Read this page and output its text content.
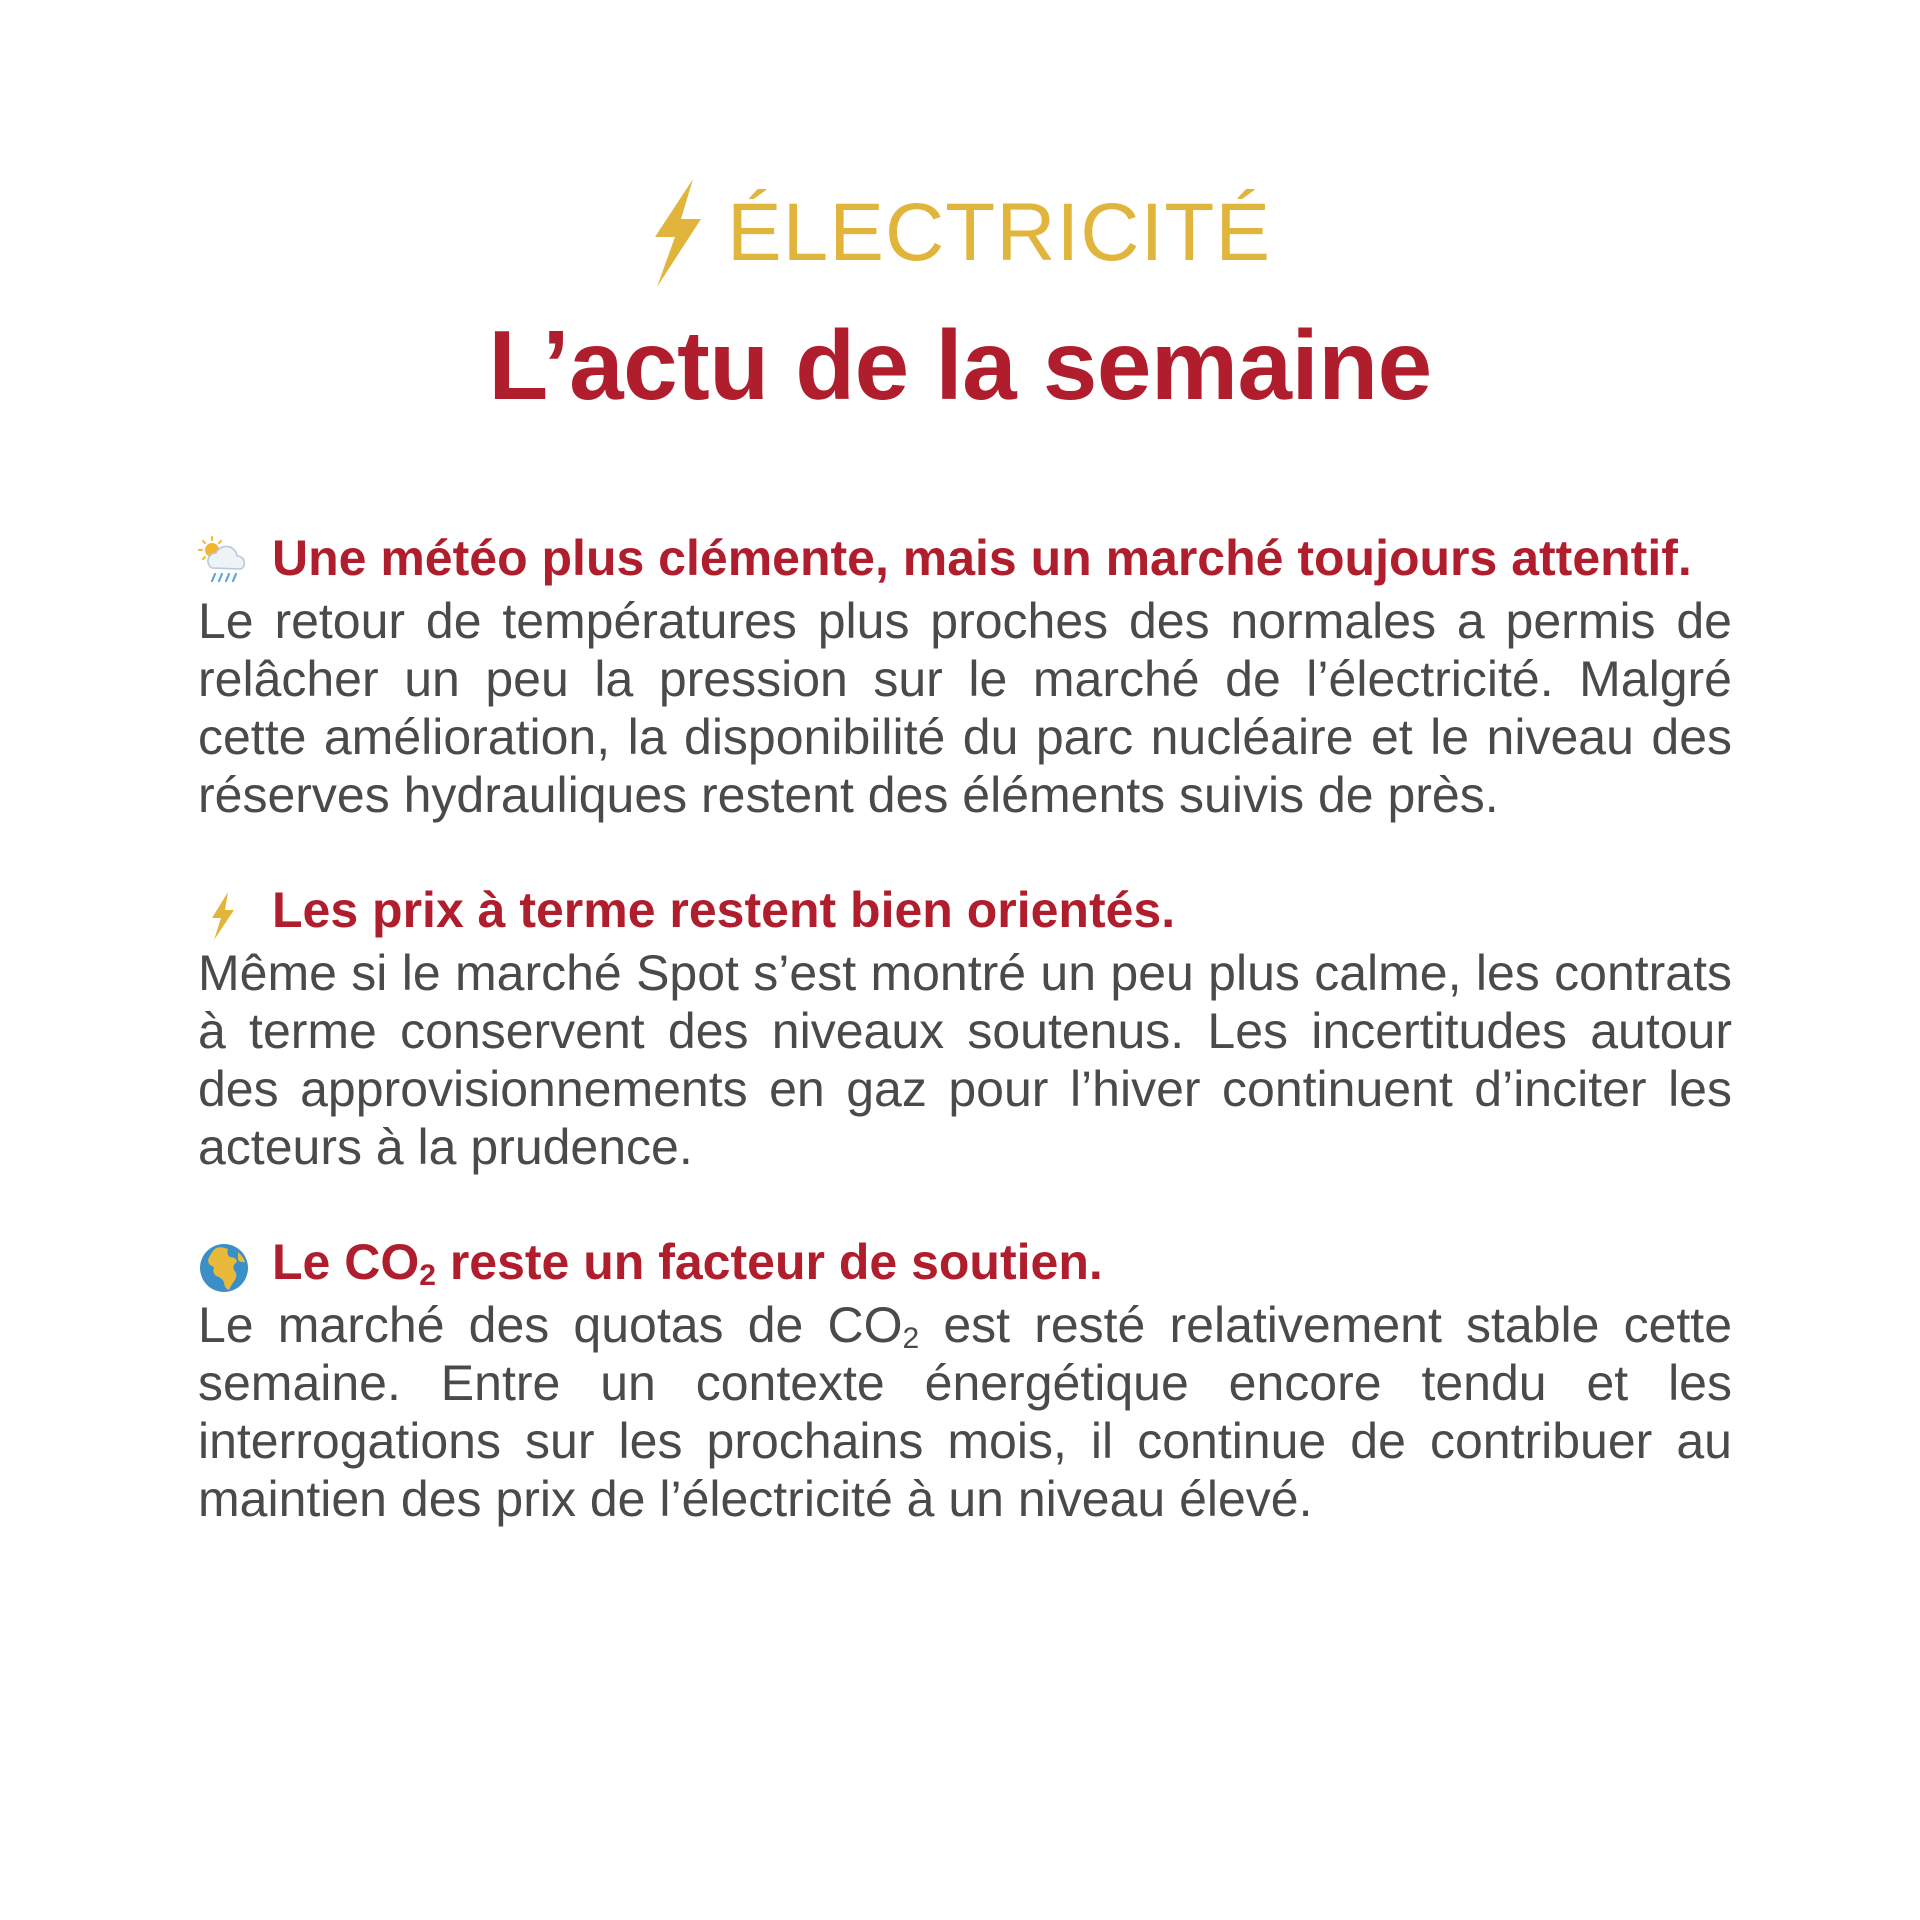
ÉLECTRICITÉ
L’actu de la semaine
Une météo plus clémente, mais un marché toujours attentif.

Le retour de températures plus proches des normales a permis de relâcher un peu la pression sur le marché de l’électricité. Malgré cette amélioration, la disponibilité du parc nucléaire et le niveau des réserves hydrauliques restent des éléments suivis de près.

Les prix à terme restent bien orientés.

Même si le marché Spot s’est montré un peu plus calme, les contrats à terme conservent des niveaux soutenus. Les incertitudes autour des approvisionnements en gaz pour l’hiver continuent d’inciter les acteurs à la prudence.

Le $CO_2$ reste un facteur de soutien.

Le marché des quotas de $CO_2$ est resté relativement stable cette semaine. Entre un contexte énergétique encore tendu et les interrogations sur les prochains mois, il continue de contribuer au maintien des prix de l’électricité à un niveau élevé.
